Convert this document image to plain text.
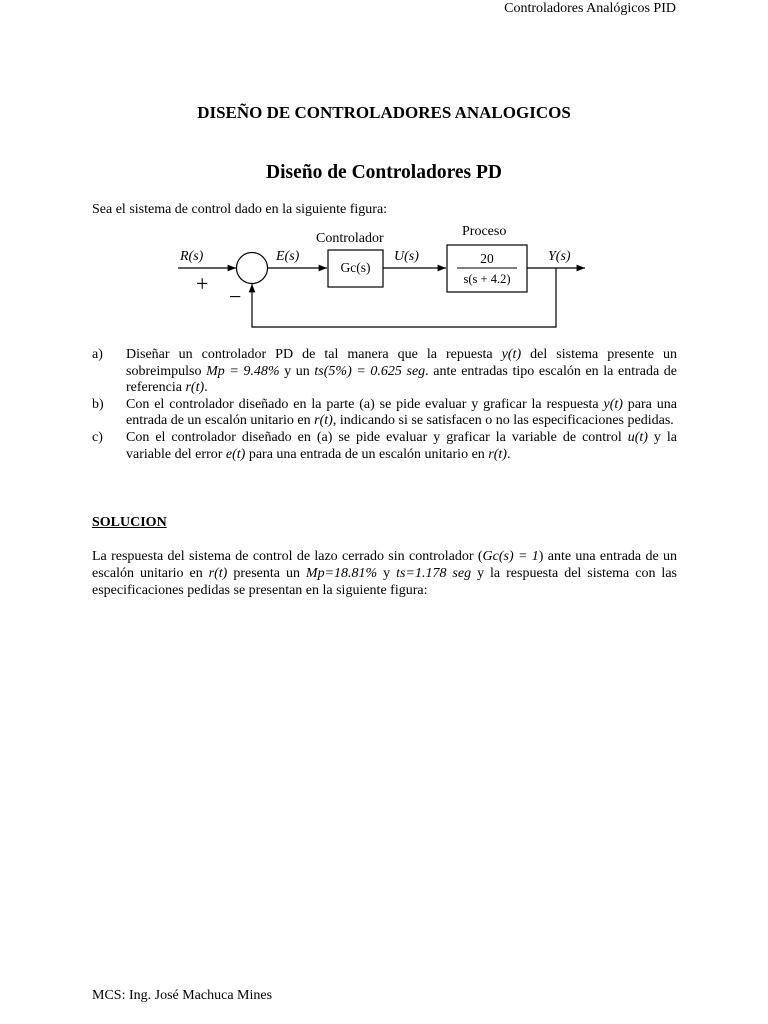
Controladores Analógicos PID
DISEÑO DE CONTROLADORES ANALOGICOS
Diseño de Controladores PD
Sea el sistema de control dado en la siguiente figura:
R(s)
+
−
E(s)
Controlador
Gc(s)
U(s)
Proceso
20
s(s + 4.2)
Y(s)
a)	Diseñar un controlador PD de tal manera que la repuesta y(t) del sistema presente un sobreimpulso Mp = 9.48% y un ts(5%) = 0.625 seg. ante entradas tipo escalón en la entrada de referencia r(t).
b)	Con el controlador diseñado en la parte (a) se pide evaluar y graficar la respuesta y(t) para una entrada de un escalón unitario en r(t), indicando si se satisfacen o no las especificaciones pedidas.
c)	Con el controlador diseñado en (a) se pide evaluar y graficar la variable de control u(t) y la variable del error e(t) para una entrada de un escalón unitario en r(t).
SOLUCION
La respuesta del sistema de control de lazo cerrado sin controlador (Gc(s) = 1) ante una entrada de un escalón unitario en r(t) presenta un Mp=18.81% y ts=1.178 seg y la respuesta del sistema con las especificaciones pedidas se presentan en la siguiente figura:
MCS: Ing. José Machuca Mines
